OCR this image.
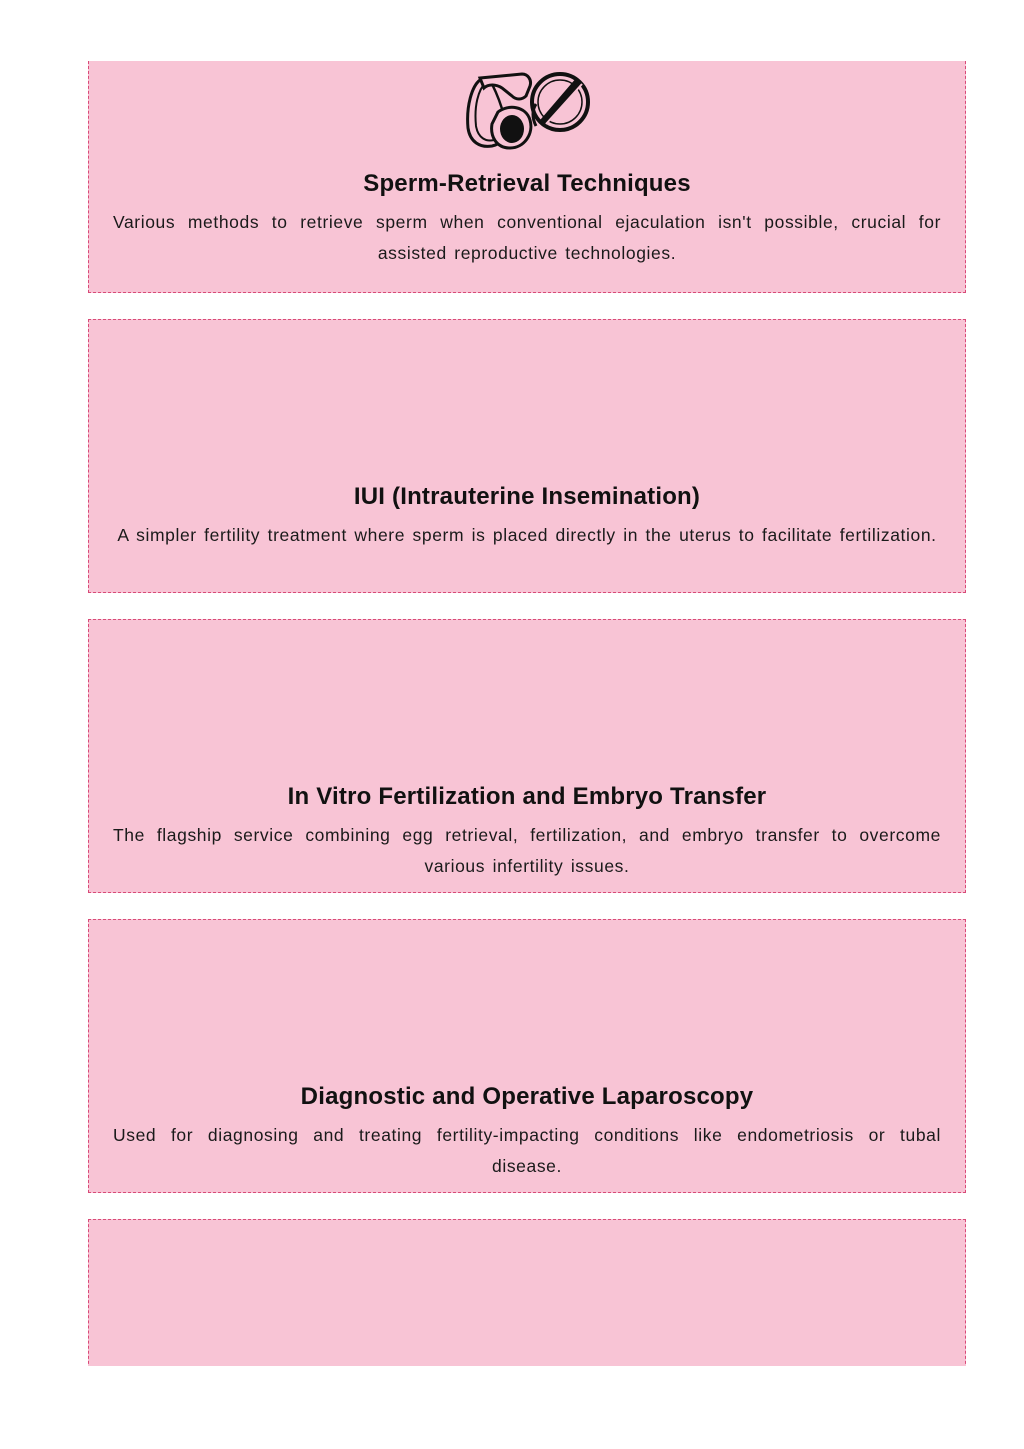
Sperm-Retrieval Techniques
Various methods to retrieve sperm when conventional ejaculation isn't possible, crucial for assisted reproductive technologies.
IUI (Intrauterine Insemination)
A simpler fertility treatment where sperm is placed directly in the uterus to facilitate fertilization.
In Vitro Fertilization and Embryo Transfer
The flagship service combining egg retrieval, fertilization, and embryo transfer to overcome various infertility issues.
Diagnostic and Operative Laparoscopy
Used for diagnosing and treating fertility-impacting conditions like endometriosis or tubal disease.
